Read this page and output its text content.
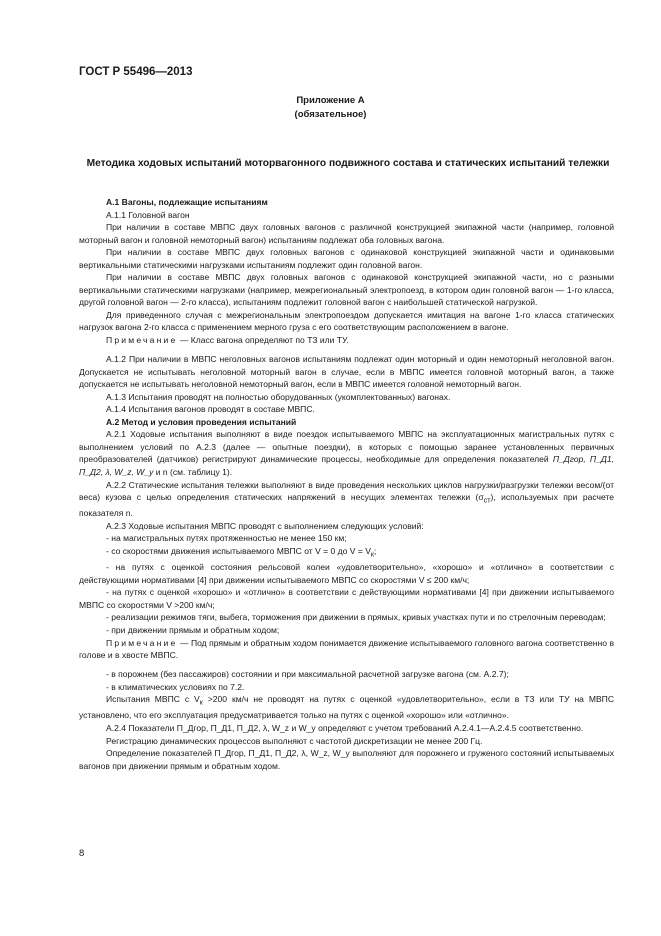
ГОСТ Р 55496—2013
Приложение А
(обязательное)
Методика ходовых испытаний моторвагонного подвижного состава и статических испытаний тележки

А.1 Вагоны, подлежащие испытаниям

А.1.1 Головной вагон

При наличии в составе МВПС двух головных вагонов с различной конструкцией экипажной части (например, головной моторный вагон и головной немоторный вагон) испытаниям подлежат оба головных вагона.

При наличии в составе МВПС двух головных вагонов с одинаковой конструкцией экипажной части и одинаковыми вертикальными статическими нагрузками испытаниям подлежит один головной вагон.

При наличии в составе МВПС двух головных вагонов с одинаковой конструкцией экипажной части, но с разными вертикальными статическими нагрузками (например, межрегиональный электропоезд, в котором один головной вагон — 1-го класса, другой головной вагон — 2-го класса), испытаниям подлежит головной вагон с наибольшей статической нагрузкой.

Для приведенного случая с межрегиональным электропоездом допускается имитация на вагоне 1-го класса статических нагрузок вагона 2-го класса с применением мерного груза с его соответствующим расположением в вагоне.

Примечание — Класс вагона определяют по ТЗ или ТУ.

А.1.2 При наличии в МВПС неголовных вагонов испытаниям подлежат один моторный и один немоторный неголовной вагон. Допускается не испытывать неголовной моторный вагон в случае, если в МВПС имеется головной моторный вагон, а также допускается не испытывать неголовной немоторный вагон, если в МВПС имеется головной немоторный вагон.

А.1.3 Испытания проводят на полностью оборудованных (укомплектованных) вагонах.

А.1.4 Испытания вагонов проводят в составе МВПС.

А.2 Метод и условия проведения испытаний

А.2.1 Ходовые испытания выполняют в виде поездок испытываемого МВПС на эксплуатационных магистральных путях с выполнением условий по А.2.3 (далее — опытные поездки), в которых с помощью заранее установленных первичных преобразователей (датчиков) регистрируют динамические процессы, необходимые для определения показателей П_Дгор, П_Д1, П_Д2, λ, W_z, W_y и n (см. таблицу 1).

А.2.2 Статические испытания тележки выполняют в виде проведения нескольких циклов нагрузки/разгрузки тележки весом/(от веса) кузова с целью определения статических напряжений в несущих элементах тележки $(\sigma_{ст})$, используемых при расчете показателя n.

А.2.3 Ходовые испытания МВПС проводят с выполнением следующих условий:

- на магистральных путях протяженностью не менее 150 км;

- со скоростями движения испытываемого МВПС от V = 0 до $V = V_к$;

- на путях с оценкой состояния рельсовой колеи «удовлетворительно», «хорошо» и «отлично» в соответствии с действующими нормативами [4] при движении испытываемого МВПС со скоростями V ≤ 200 км/ч;

- на путях с оценкой «хорошо» и «отлично» в соответствии с действующими нормативами [4] при движении испытываемого МВПС со скоростями V >200 км/ч;

- реализации режимов тяги, выбега, торможения при движении в прямых, кривых участках пути и по стрелочным переводам;

- при движении прямым и обратным ходом;

Примечание — Под прямым и обратным ходом понимается движение испытываемого головного вагона соответственно в голове и в хвосте МВПС.

- в порожнем (без пассажиров) состоянии и при максимальной расчетной загрузке вагона (см. А.2.7);

- в климатических условиях по 7.2.

Испытания МВПС с $V_к >200$ км/ч не проводят на путях с оценкой «удовлетворительно», если в ТЗ или ТУ на МВПС установлено, что его эксплуатация предусматривается только на путях с оценкой «хорошо» или «отлично».

А.2.4 Показатели П_Дгор, П_Д1, П_Д2, λ, W_z и W_y определяют с учетом требований А.2.4.1—А.2.4.5 соответственно.

Регистрацию динамических процессов выполняют с частотой дискретизации не менее 200 Гц.

Определение показателей П_Дгор, П_Д1, П_Д2, λ, W_z, W_y выполняют для порожнего и груженого состояний испытываемых вагонов при движении прямым и обратным ходом.

8
